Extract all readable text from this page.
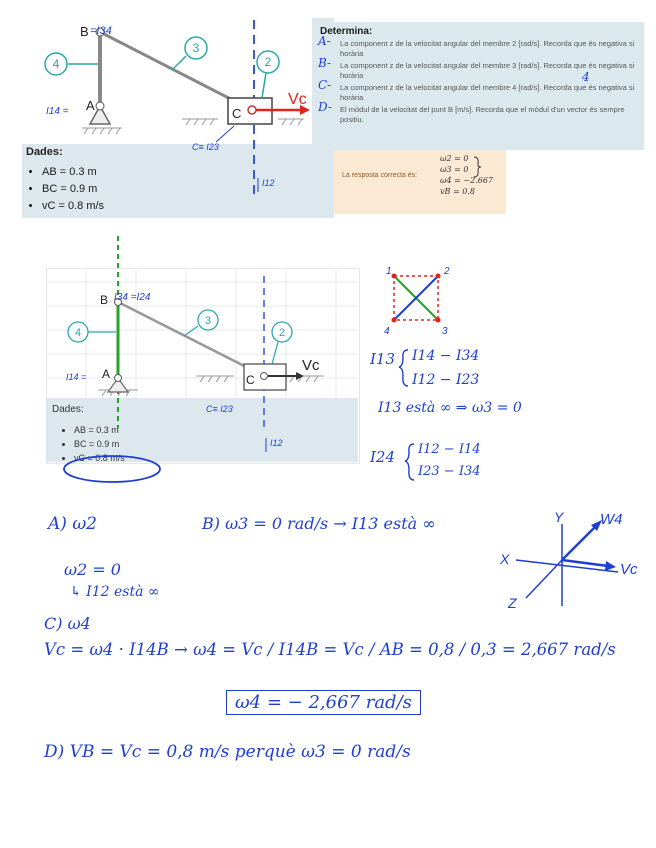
4
3
2
B =I34
I14 = A
C
Vc
C≡ I23
I12
Dades:
• AB = 0.3 m
• BC = 0.9 m
• vC = 0.8 m/s
Determina:
A- La component z de la velocitat angular del membre 2 [rad/s]. Recorda que és negativa si horària
B- La component z de la velocitat angular del membre 3 [rad/s]. Recorda que és negativa si horària
C- La component z de la velocitat angular del membre 4 [rad/s]. Recorda que és negativa si horària
4
D- El mòdul de la velocitat del punt B [m/s]. Recorda que el mòdul d'un vector és sempre positiu.
La resposta correcta és:
ω2 = 0
ω3 = 0
ω4 = −2.667
vB = 0.8
4
3
2
B I34 =I24
I14 = A	C
Vc
C≡ I23
I12
Dades:
• AB = 0.3 m
• BC = 0.9 m
• vC = 0.8 m/s
1	2
3
4
I13 I14 − I34
I12 − I23
I13 està ∞ ⇒ ω3 = 0
I24 I12 − I14
I23 − I34
Y
X
Z
W4
Vc
A) ω2	B) ω3 = 0 rad/s → I13 està ∞
ω2 = 0
↳ I12 està ∞
C) ω4
Vc = ω4 · I14B → ω4 = Vc / I14B = Vc / AB = 0,8 / 0,3 = 2,667 rad/s
ω4 = − 2,667 rad/s
D) VB = Vc = 0,8 m/s perquè ω3 = 0 rad/s
